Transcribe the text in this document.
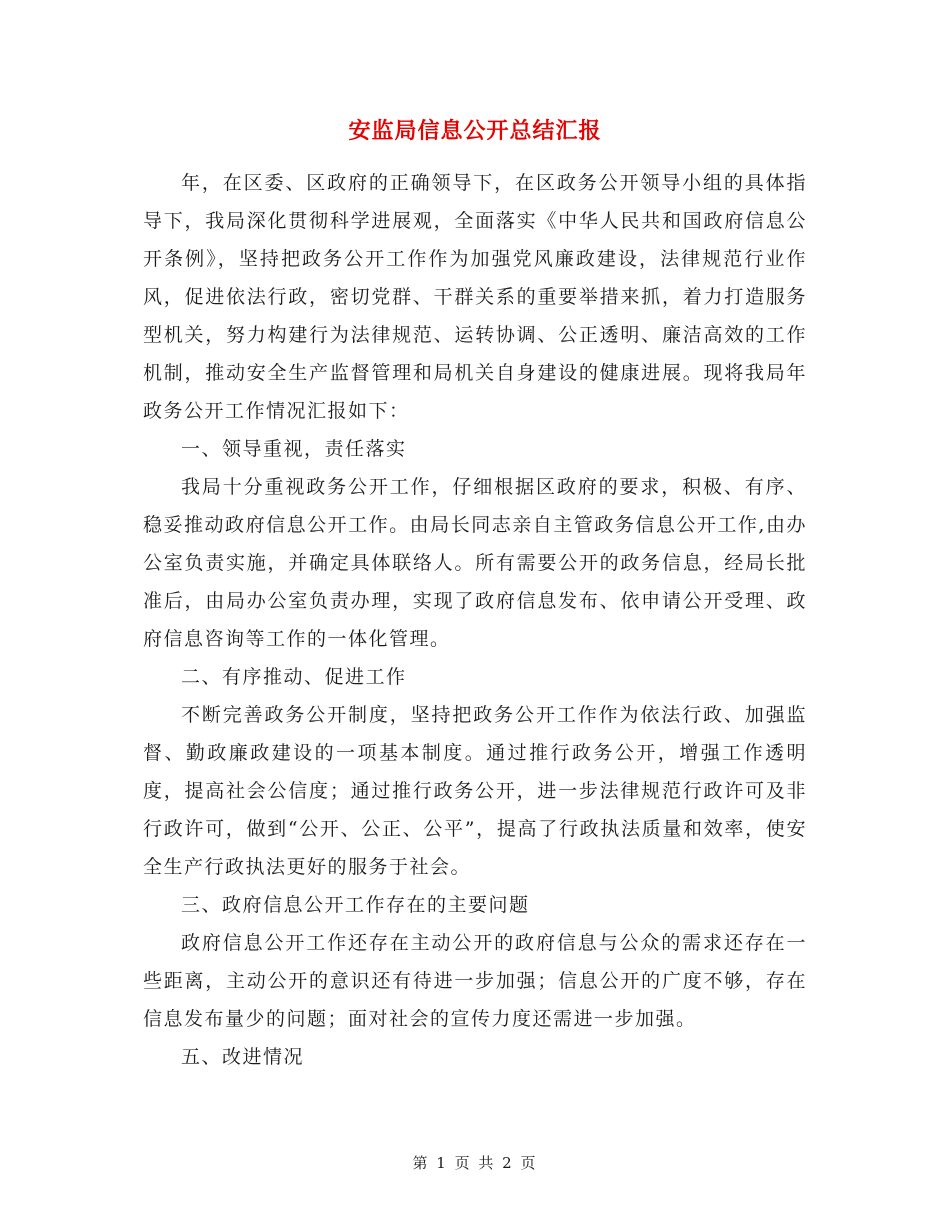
安监局信息公开总结汇报

年，在区委、区政府的正确领导下，在区政务公开领导小组的具体指导下，我局深化贯彻科学进展观，全面落实《中华人民共和国政府信息公开条例》，坚持把政务公开工作作为加强党风廉政建设，法律规范行业作风，促进依法行政，密切党群、干群关系的重要举措来抓，着力打造服务型机关，努力构建行为法律规范、运转协调、公正透明、廉洁高效的工作机制，推动安全生产监督管理和局机关自身建设的健康进展。现将我局年政务公开工作情况汇报如下：

一、领导重视，责任落实

我局十分重视政务公开工作，仔细根据区政府的要求，积极、有序、稳妥推动政府信息公开工作。由局长同志亲自主管政务信息公开工作,由办公室负责实施，并确定具体联络人。所有需要公开的政务信息，经局长批准后，由局办公室负责办理，实现了政府信息发布、依申请公开受理、政府信息咨询等工作的一体化管理。

二、有序推动、促进工作

不断完善政务公开制度，坚持把政务公开工作作为依法行政、加强监督、勤政廉政建设的一项基本制度。通过推行政务公开，增强工作透明度，提高社会公信度；通过推行政务公开，进一步法律规范行政许可及非行政许可，做到“公开、公正、公平”，提高了行政执法质量和效率，使安全生产行政执法更好的服务于社会。

三、政府信息公开工作存在的主要问题

政府信息公开工作还存在主动公开的政府信息与公众的需求还存在一些距离，主动公开的意识还有待进一步加强；信息公开的广度不够，存在信息发布量少的问题；面对社会的宣传力度还需进一步加强。

五、改进情况

第 1 页 共 2 页
